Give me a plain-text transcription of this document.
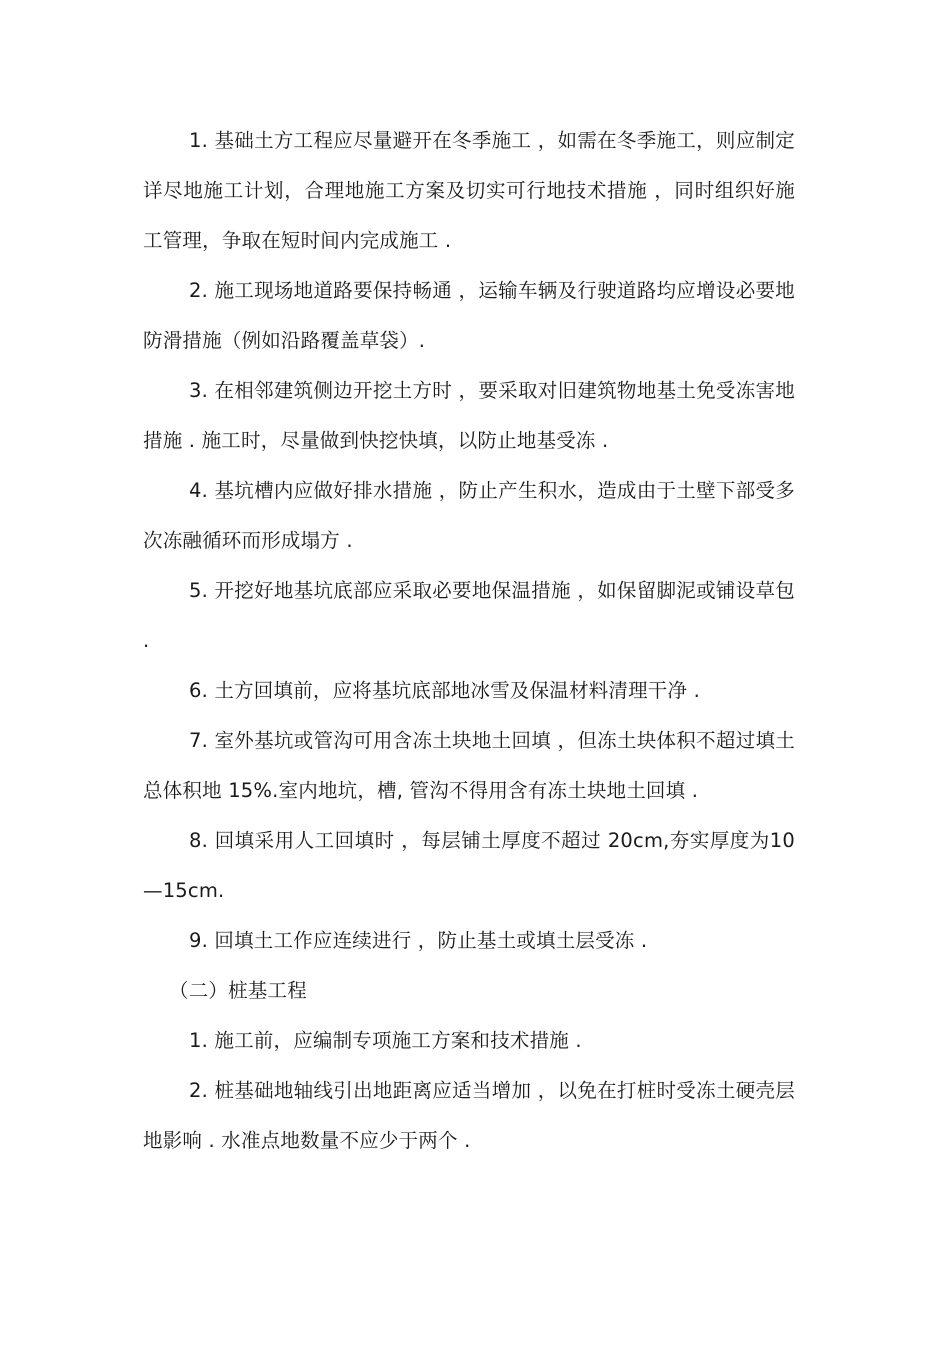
1. 基础土方工程应尽量避开在冬季施工 ，如需在冬季施工，则应制定详尽地施工计划，合理地施工方案及切实可行地技术措施 ，同时组织好施工管理，争取在短时间内完成施工 .

2. 施工现场地道路要保持畅通 ，运输车辆及行驶道路均应增设必要地防滑措施（例如沿路覆盖草袋）.

3. 在相邻建筑侧边开挖土方时 ，要采取对旧建筑物地基土免受冻害地措施 . 施工时，尽量做到快挖快填，以防止地基受冻 .

4. 基坑槽内应做好排水措施 ，防止产生积水，造成由于土壁下部受多次冻融循环而形成塌方 .

5. 开挖好地基坑底部应采取必要地保温措施 ，如保留脚泥或铺设草包 .

6. 土方回填前，应将基坑底部地冰雪及保温材料清理干净 .

7. 室外基坑或管沟可用含冻土块地土回填 ，但冻土块体积不超过填土总体积地 15%.室内地坑，槽, 管沟不得用含有冻土块地土回填 .

8. 回填采用人工回填时 ，每层铺土厚度不超过 20cm,夯实厚度为10—15cm.

9. 回填土工作应连续进行 ，防止基土或填土层受冻 .

（二）桩基工程

1. 施工前，应编制专项施工方案和技术措施 .

2. 桩基础地轴线引出地距离应适当增加 ，以免在打桩时受冻土硬壳层地影响 . 水准点地数量不应少于两个 .
